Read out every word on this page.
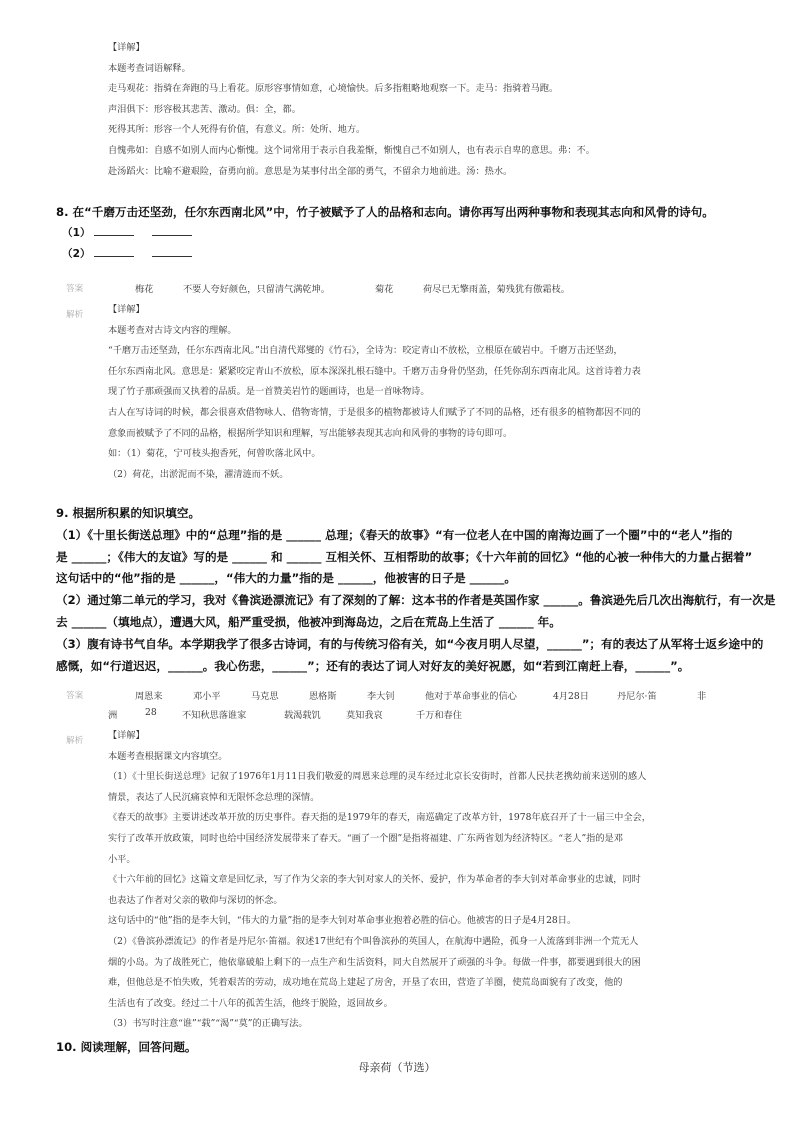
【详解】

本题考查词语解释。

走马观花：指骑在奔跑的马上看花。原形容事情如意，心境愉快。后多指粗略地观察一下。走马：指骑着马跑。

声泪俱下：形容极其悲苦、激动。俱：全，都。

死得其所：形容一个人死得有价值，有意义。所：处所、地方。

自愧弗如：自感不如别人而内心惭愧。这个词常用于表示自我羞惭，惭愧自己不如别人，也有表示自卑的意思。弗：不。

赴汤蹈火：比喻不避艰险，奋勇向前。意思是为某事付出全部的勇气，不留余力地前进。汤：热水。

8. 在“千磨万击还坚劲，任尔东西南北风”中，竹子被赋予了人的品格和志向。请你再写出两种事物和表现其志向和风骨的诗句。

（1）

（2）

答案	梅花	不要人夸好颜色，只留清气满乾坤。	菊花	荷尽已无擎雨盖，菊残犹有傲霜枝。
解析	【详解】

本题考查对古诗文内容的理解。

“千磨万击还坚劲，任尔东西南北风。”出自清代郑燮的《竹石》，全诗为：咬定青山不放松，立根原在破岩中。千磨万击还坚劲，

任尔东西南北风。意思是：紧紧咬定青山不放松，原本深深扎根石缝中。千磨万击身骨仍坚劲，任凭你刮东西南北风。这首诗着力表

现了竹子那顽强而又执着的品质。是一首赞美岩竹的题画诗，也是一首咏物诗。

古人在写诗词的时候，都会很喜欢借物咏人、借物寄情，于是很多的植物都被诗人们赋予了不同的品格，还有很多的植物都因不同的

意象而被赋予了不同的品格，根据所学知识和理解，写出能够表现其志向和风骨的事物的诗句即可。

如：（1）菊花，宁可枝头抱香死，何曾吹落北风中。

（2）荷花，出淤泥而不染，濯清涟而不妖。

9. 根据所积累的知识填空。

（1）《十里长街送总理》中的“总理”指的是 ______ 总理；《春天的故事》“有一位老人在中国的南海边画了一个圈”中的“老人”指的

是 ______；《伟大的友谊》写的是 ______ 和 ______ 互相关怀、互相帮助的故事；《十六年前的回忆》“他的心被一种伟大的力量占据着”

这句话中的“他”指的是 ______，“伟大的力量”指的是 ______，他被害的日子是 ______。

（2）通过第二单元的学习，我对《鲁滨逊漂流记》有了深刻的了解：这本书的作者是英国作家 ______。鲁滨逊先后几次出海航行，有一次是

去 ______（填地点），遭遇大风，船严重受损，他被冲到海岛边，之后在荒岛上生活了 ______ 年。

（3）腹有诗书气自华。本学期我学了很多古诗词，有的与传统习俗有关，如“今夜月明人尽望，______”；有的表达了从军将士返乡途中的

感慨，如“行道迟迟，______。我心伤悲，______”；还有的表达了词人对好友的美好祝愿，如“若到江南赶上春，______”。

答案	周恩来	邓小平	马克思	恩格斯	李大钊	他对于革命事业的信心	4月28日	丹尼尔·笛	非
洲	28	不知秋思落谁家	载渴载饥	莫知我哀	千万和春住
解析	【详解】

本题考查根据课文内容填空。

（1）《十里长街送总理》记叙了1976年1月11日我们敬爱的周恩来总理的灵车经过北京长安街时，首都人民扶老携幼前来送别的感人

情景，表达了人民沉痛哀悼和无限怀念总理的深情。

《春天的故事》主要讲述改革开放的历史事件。春天指的是1979年的春天，南巡确定了改革方针，1978年底召开了十一届三中全会，

实行了改革开放政策，同时也给中国经济发展带来了春天。“画了一个圈”是指将福建、广东两省划为经济特区。“老人”指的是邓

小平。

《十六年前的回忆》这篇文章是回忆录，写了作为父亲的李大钊对家人的关怀、爱护，作为革命者的李大钊对革命事业的忠诚，同时

也表达了作者对父亲的敬仰与深切的怀念。

这句话中的“他”指的是李大钊，“伟大的力量”指的是李大钊对革命事业抱着必胜的信心。他被害的日子是4月28日。

（2）《鲁滨孙漂流记》的作者是丹尼尔·笛福。叙述17世纪有个叫鲁滨孙的英国人，在航海中遇险，孤身一人流落到非洲一个荒无人

烟的小岛。为了战胜死亡，他依靠破船上剩下的一点生产和生活资料，同大自然展开了顽强的斗争。每做一件事，都要遇到很大的困

难，但他总是不怕失败，凭着艰苦的劳动，成功地在荒岛上建起了房舍，开垦了农田，营造了羊圈，使荒岛面貌有了改变，他的

生活也有了改变。经过二十八年的孤苦生活，他终于脱险，返回故乡。

（3）书写时注意“谁”“载”“渴”“莫”的正确写法。

10. 阅读理解，回答问题。

母亲荷（节选）
